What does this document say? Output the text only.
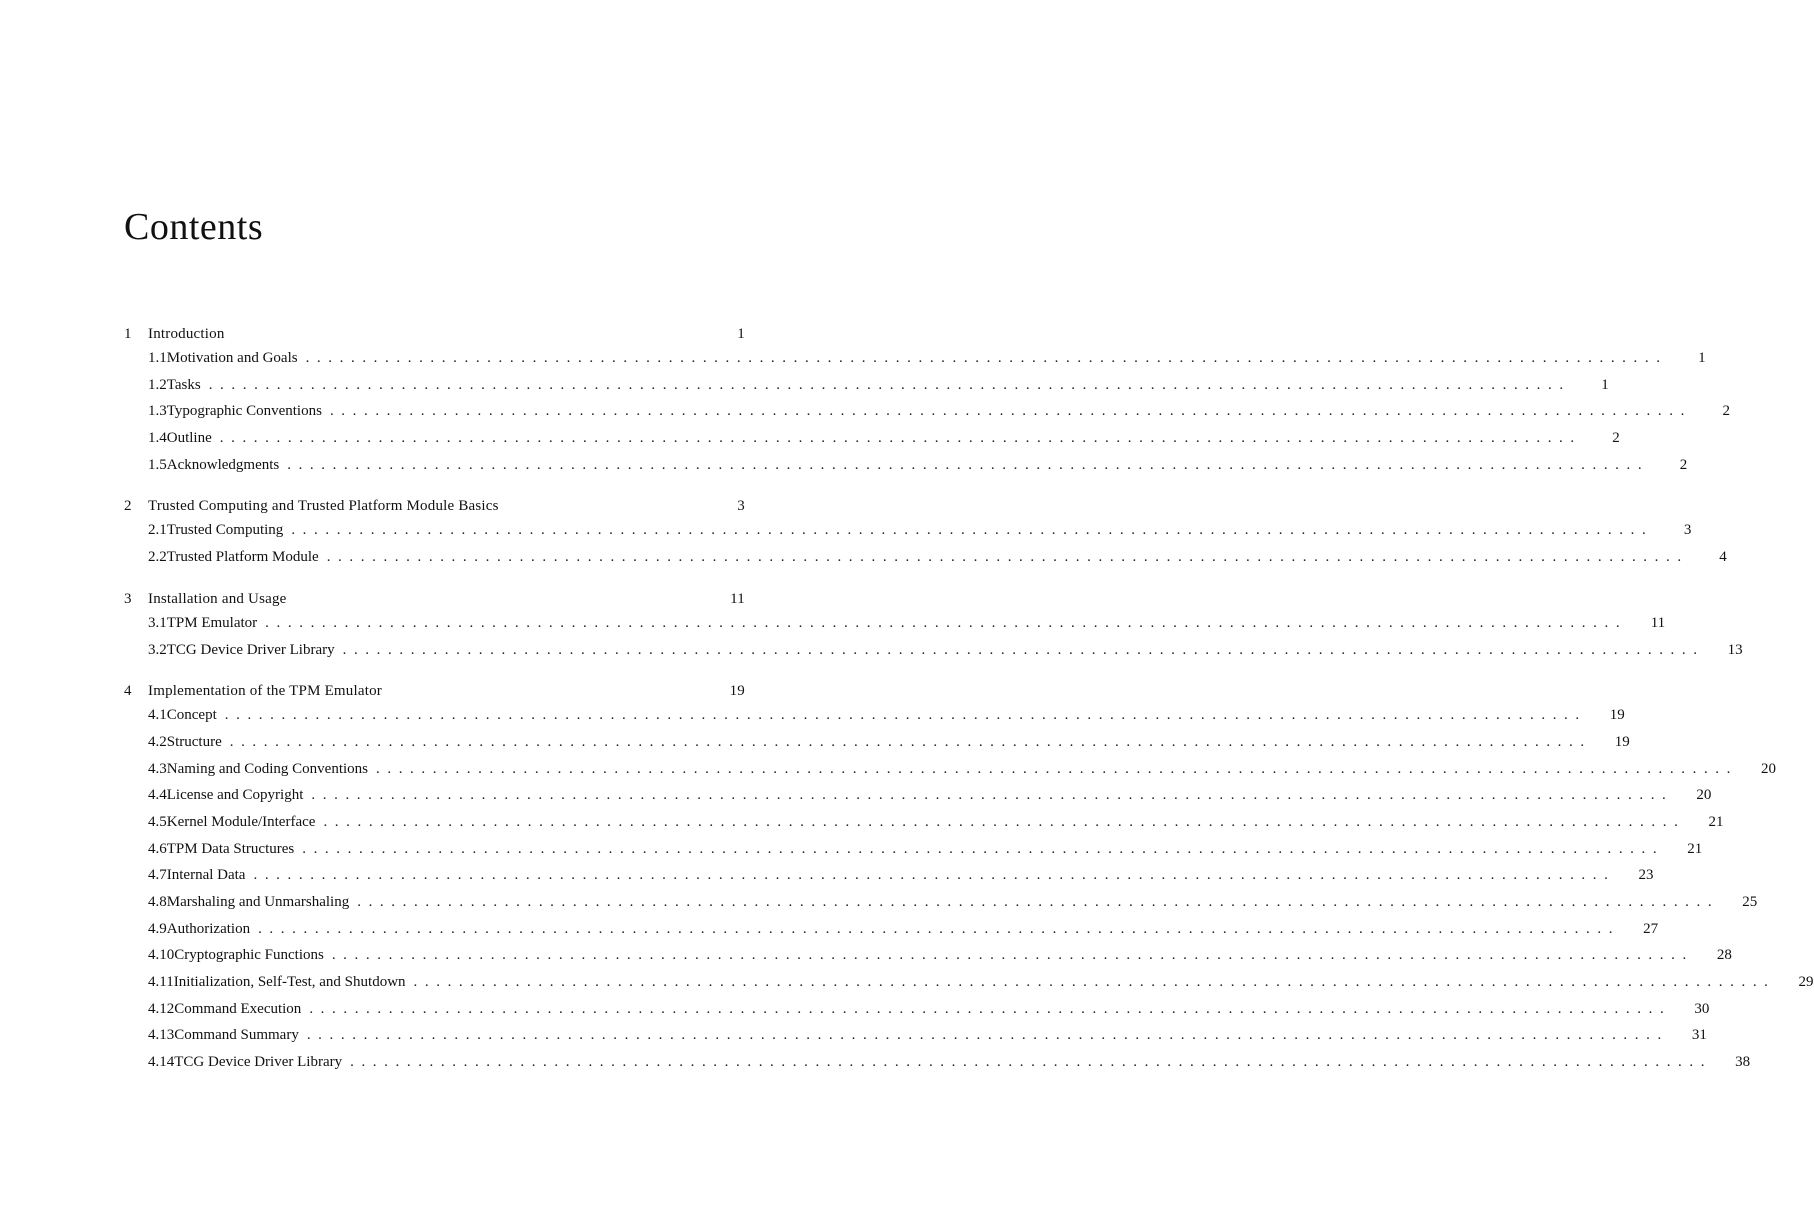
Contents
1	Introduction	1
1.1 Motivation and Goals ........................................................................................................................	1
1.2 Tasks ........................................................................................................................	1
1.3 Typographic Conventions ........................................................................................................................	2
1.4 Outline ........................................................................................................................	2
1.5 Acknowledgments ........................................................................................................................	2
2	Trusted Computing and Trusted Platform Module Basics	3
2.1 Trusted Computing ........................................................................................................................	3
2.2 Trusted Platform Module ........................................................................................................................	4
3	Installation and Usage	11
3.1 TPM Emulator ........................................................................................................................	11
3.2 TCG Device Driver Library ........................................................................................................................	13
4	Implementation of the TPM Emulator	19
4.1 Concept ........................................................................................................................	19
4.2 Structure ........................................................................................................................	19
4.3 Naming and Coding Conventions ........................................................................................................................	20
4.4 License and Copyright ........................................................................................................................	20
4.5 Kernel Module/Interface ........................................................................................................................	21
4.6 TPM Data Structures ........................................................................................................................	21
4.7 Internal Data ........................................................................................................................	23
4.8 Marshaling and Unmarshaling ........................................................................................................................	25
4.9 Authorization ........................................................................................................................	27
4.10 Cryptographic Functions ........................................................................................................................	28
4.11 Initialization, Self-Test, and Shutdown ........................................................................................................................	29
4.12 Command Execution ........................................................................................................................	30
4.13 Command Summary ........................................................................................................................	31
4.14 TCG Device Driver Library ........................................................................................................................	38
